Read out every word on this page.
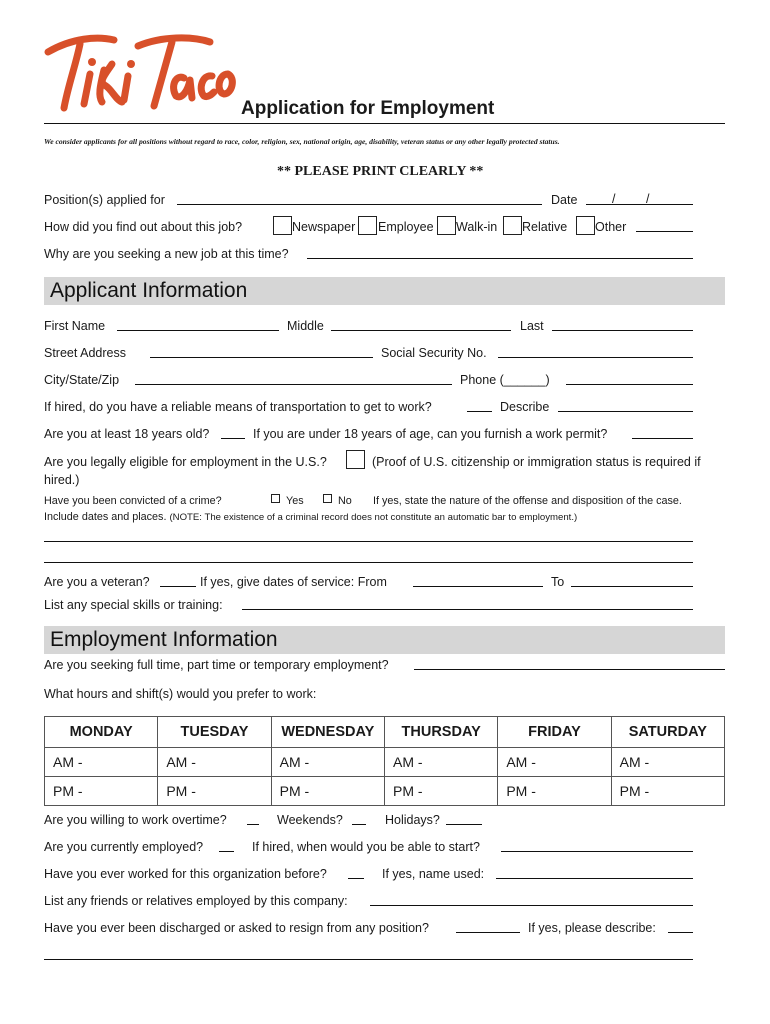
Application for Employment
We consider applicants for all positions without regard to race, color, religion, sex, national origin, age, disability, veteran status or any other legally protected status.
** PLEASE PRINT CLEARLY **
Position(s) applied for	Date	/ /
How did you find out about this job?	Newspaper Employee Walk-in Relative Other
Why are you seeking a new job at this time?
Applicant Information
First Name	Middle	Last
Street Address	Social Security No.
City/State/Zip	Phone (______)
If hired, do you have a reliable means of transportation to get to work?	Describe
Are you at least 18 years old?	If you are under 18 years of age, can you furnish a work permit?
Are you legally eligible for employment in the U.S.?	(Proof of U.S. citizenship or immigration status is required if
hired.)
Have you been convicted of a crime?	Yes	No If yes, state the nature of the offense and disposition of the case.
Include dates and places. (NOTE: The existence of a criminal record does not constitute an automatic bar to employment.)
Are you a veteran?	If yes, give dates of service: From	To
List any special skills or training:
Employment Information
Are you seeking full time, part time or temporary employment?
What hours and shift(s) would you prefer to work:
MONDAY	TUESDAY	WEDNESDAY	THURSDAY	FRIDAY	SATURDAY
AM -	AM -	AM -	AM -	AM -	AM -
PM -	PM -	PM -	PM -	PM -	PM -
Are you willing to work overtime?	Weekends?	Holidays?
Are you currently employed?	If hired, when would you be able to start?
Have you ever worked for this organization before?	If yes, name used:
List any friends or relatives employed by this company:
Have you ever been discharged or asked to resign from any position?	If yes, please describe:
